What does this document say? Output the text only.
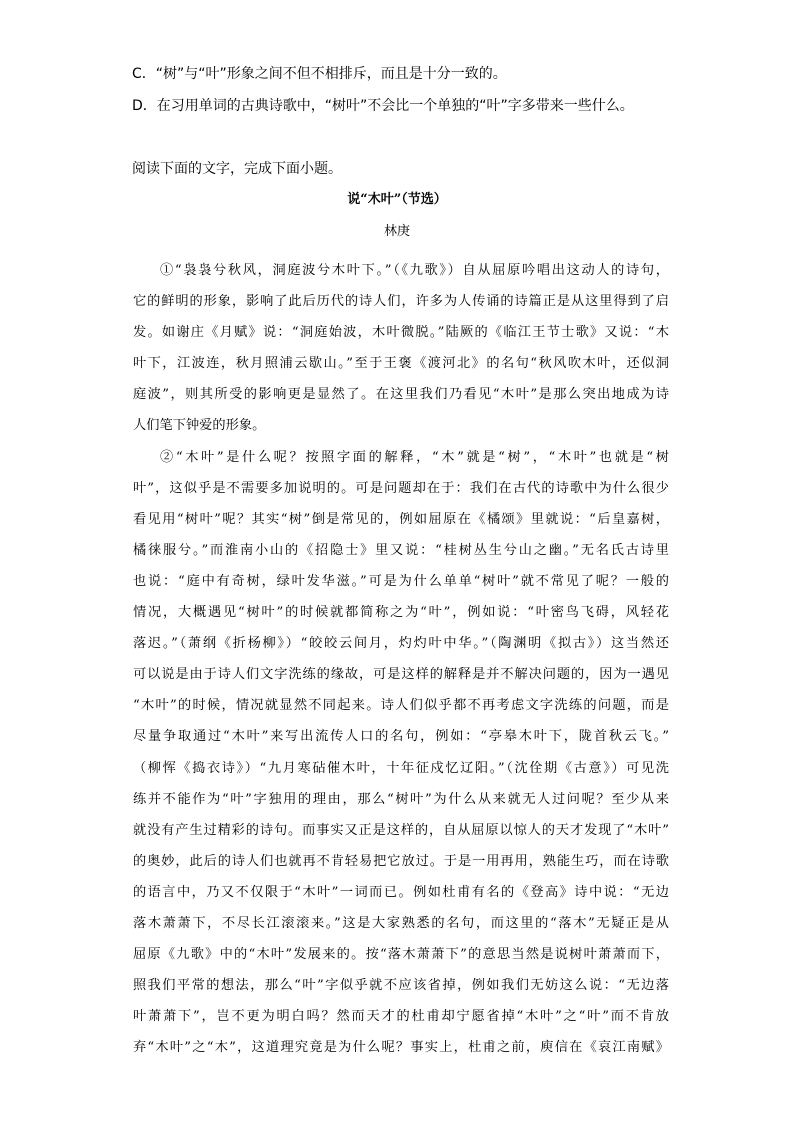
C．“树”与“叶”形象之间不但不相排斥，而且是十分一致的。
D．在习用单词的古典诗歌中，“树叶”不会比一个单独的“叶”字多带来一些什么。
阅读下面的文字，完成下面小题。
说“木叶”（节选）
林庚
①“袅袅兮秋风，洞庭波兮木叶下。”（《九歌》）自从屈原吟唱出这动人的诗句，
它的鲜明的形象，影响了此后历代的诗人们，许多为人传诵的诗篇正是从这里得到了启
发。如谢庄《月赋》说：“洞庭始波，木叶微脱。”陆厥的《临江王节士歌》又说：“木
叶下，江波连，秋月照浦云歇山。”至于王褒《渡河北》的名句“秋风吹木叶，还似洞
庭波”，则其所受的影响更是显然了。在这里我们乃看见“木叶”是那么突出地成为诗
人们笔下钟爱的形象。
②“木叶”是什么呢？按照字面的解释，“木”就是“树”，“木叶”也就是“树
叶”，这似乎是不需要多加说明的。可是问题却在于：我们在古代的诗歌中为什么很少
看见用“树叶”呢？其实“树”倒是常见的，例如屈原在《橘颂》里就说：“后皇嘉树，
橘徕服兮。”而淮南小山的《招隐士》里又说：“桂树丛生兮山之幽。”无名氏古诗里
也说：“庭中有奇树，绿叶发华滋。”可是为什么单单“树叶”就不常见了呢？一般的
情况，大概遇见“树叶”的时候就都简称之为“叶”，例如说：“叶密鸟飞碍，风轻花
落迟。”（萧纲《折杨柳》）“皎皎云间月，灼灼叶中华。”（陶渊明《拟古》）这当然还
可以说是由于诗人们文字洗练的缘故，可是这样的解释是并不解决问题的，因为一遇见
“木叶”的时候，情况就显然不同起来。诗人们似乎都不再考虑文字洗练的问题，而是
尽量争取通过“木叶”来写出流传人口的名句，例如：“亭皋木叶下，陇首秋云飞。”
（柳恽《捣衣诗》）“九月寒砧催木叶，十年征戍忆辽阳。”（沈佺期《古意》）可见洗
练并不能作为“叶”字独用的理由，那么“树叶”为什么从来就无人过问呢？至少从来
就没有产生过精彩的诗句。而事实又正是这样的，自从屈原以惊人的天才发现了“木叶”
的奥妙，此后的诗人们也就再不肯轻易把它放过。于是一用再用，熟能生巧，而在诗歌
的语言中，乃又不仅限于“木叶”一词而已。例如杜甫有名的《登高》诗中说：“无边
落木萧萧下，不尽长江滚滚来。”这是大家熟悉的名句，而这里的“落木”无疑正是从
屈原《九歌》中的“木叶”发展来的。按“落木萧萧下”的意思当然是说树叶萧萧而下，
照我们平常的想法，那么“叶”字似乎就不应该省掉，例如我们无妨这么说：“无边落
叶萧萧下”，岂不更为明白吗？然而天才的杜甫却宁愿省掉“木叶”之“叶”而不肯放
弃“木叶”之“木”，这道理究竟是为什么呢？事实上，杜甫之前，庾信在《哀江南赋》
